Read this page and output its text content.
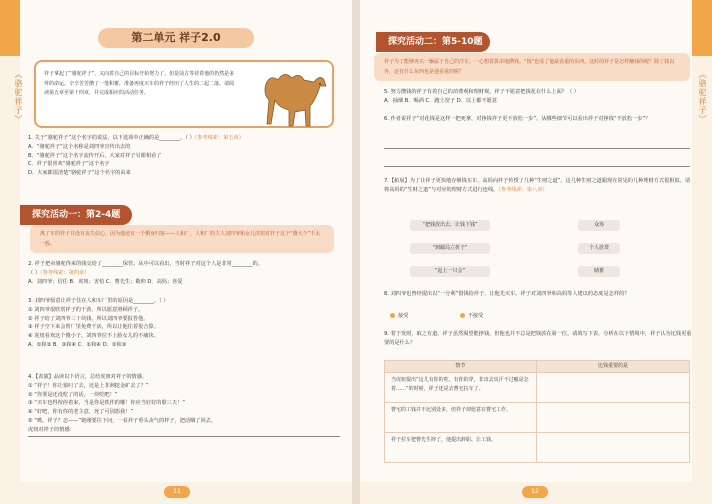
《骆驼祥子》
第二单元 祥子2.0
祥子拿起了“骆驼祥子”，又向着自己的目标开始努力了。但是前方等待着他的仍然是多舛的命运。辛辛苦苦攒了一笔积蓄，准备再度买车的祥子经历了人生的二起二落。请阅读第五章至第十四章，并完成相应的活动任务。
1. 关于“骆驼祥子”这个名字的说法，以下选项中正确的是________。（ ）（参考线索：第五章）
A．“骆驼祥子”这个名称是刘四爷宣传出去的
B．“骆驼祥子”这个名字流传开后，大家对祥子另眼相看了
C．祥子很喜欢“骆驼祥子”这个名字
D．大家都很清楚“骆驼祥子”这个名字的由来
探究活动一：第2-4题
离了车的祥子并没有丧失信心，因为他还有一个栖身归宿——人和厂，人和厂的主人刘四爷和女儿虎妞对祥子这个“傻大个”不太一般。
2. 祥子把卖骆驼得来的钱交给了________保管。从中可以看出，当时祥子对这个人是非常________的。
（ ）（参考线索：第四章）
A．刘四爷；信任 B．虎妞；害怕 C．曹先生；敬仰 D．高妈；喜爱
3. 刘四爷愿意让祥子住在人和车厂里的原因是________。（ ）
① 刘四爷很欣赏祥子的干劲，所以愿意照顾祥子。
② 祥子给了刘四爷三十块钱，所以刘四爷要报答他。
③ 祥子空下来会帮厂里免费干活，所以让他住着很合算。
④ 虎妞看欢这个傻小子，刘四爷拉不上脸女儿的不痛快。
A．①和③ B．③和④ C．①和④ D．②和③
4.【表演】品读以下语言，总结虎妞对祥子的情感。
① “祥子！你让狼叼了去，还是上非洲挖金矿去了？”
② “你要是还没吃了的话，一块吃吧！”
③ “买车也得按停着来，当是你是铁作的哪！你应当好好的歇三天！”
④ “好吧，你有你的老主意，死了可别怨我！”
⑤ “呦，祥子？怎——”她刚要往下问，一看祥子垂头丧气的样子，把话咽了回去。
虎妞对祥子的情感：
11
《骆驼祥子》
探究活动二：第5-10题
祥子为了能够再买一辆属于自己的洋车，一心想着拼命地攒钱。“钱”也成了他最看重的东西。这时的祥子是怎样赚钱的呢？除了钱以外，还有什么东西也是他看重的呢？
5. 努力攒钱的祥子有着自己的消费观和理财观，祥子不愿意把钱花在什么上面？（ ）
A．抽烟 B．喝酒 C．跑土窑子 D．以上都不愿意
6. 作者说祥子“对花钱是这样一把死拿，对挣钱祥子更不放松一步”。从哪些细节可以看出祥子对挣钱“不放松一步”？
7.【拓展】为了让祥子更快地存够钱买车，高妈向祥子传授了几种“生财之道”。这几种生财之道跟现在常见的几种理财方式很相似。请将高妈的“生财之道”与对应的理财方式进行连线。（参考线索：第八章）
“把钱放出去，让钱下钱”
“到邮局立折子”
“起上一只会”
众筹
个人放贷
储蓄
8. 刘四爷也曾经提出以“一分利”借钱给祥子，让他先买车。祥子对刘四爷和高妈等人建议的态度是怎样的？
接受	不接受
9. 着于发财，取之有道。祥子虽然渴望能挣钱，但他也并不总是把钱放在第一位。请填写下表，分析在以下情境中，祥子认为比钱更重要的是什么？
12
情节	比钱重要的是
当虎妞提出“这儿有你的吃，有你的穿，非出去臭汗不过瘾是怎着……”的时候，祥子还是去曹宅拉车了。	
曹宅的工钱并不比别处多，但祥子却愿意在曹宅工作。	
祥子拉车把曹先生摔了，他提出辞职、让工钱。	
